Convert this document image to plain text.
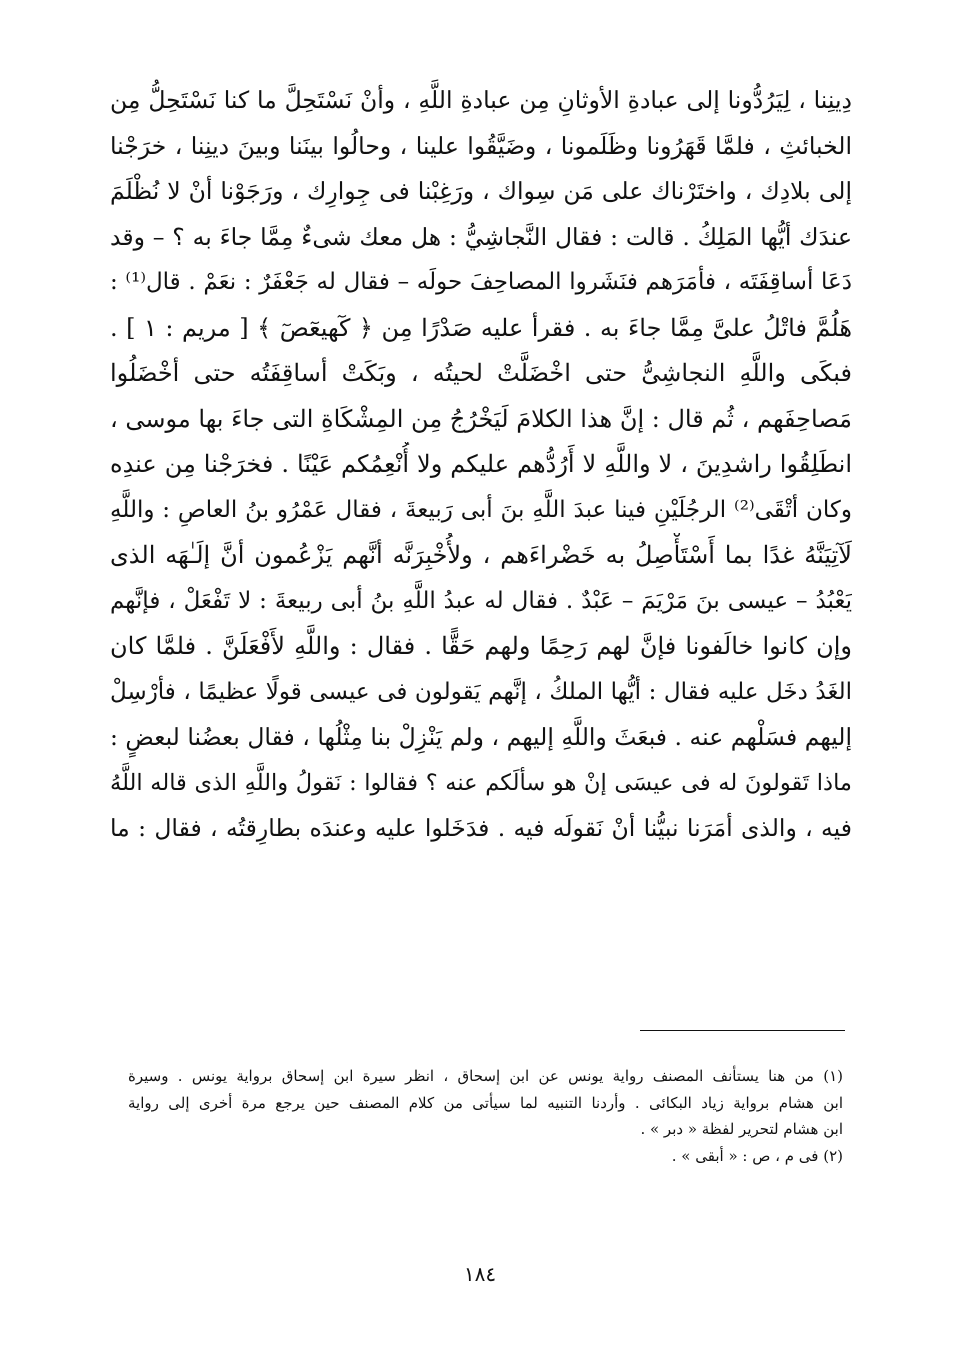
دِينِنا ، لِيَرُدُّونا إلى عبادةِ الأوثانِ مِن عبادةِ اللَّهِ ، وأنْ نَسْتَحِلَّ ما كنا نَسْتَحِلُّ مِن
الخبائثِ ، فلمَّا قَهَرُونا وظَلَمونا ، وضَيَّقُوا علينا ، وحالُوا بينَنا وبينَ دينِنا ، خرَجْنا
إلى بلادِك ، واختَرْناك على مَن سِواك ، ورَغِبْنا فى جِوارِك ، ورَجَوْنا أنْ لا نُظْلَمَ
عندَك أيُّها المَلِكُ . قالت : فقال النَّجاشِيُّ : هل معك شىءٌ مِمَّا جاءَ به ؟ – وقد
دَعَا أساقِفَتَه ، فأمَرَهم فنَشَروا المصاحِفَ حولَه – فقال له جَعْفَرٌ : نعَمْ . قال⁽¹⁾ :
هَلُمَّ فاتْلُ علىَّ مِمَّا جاءَ به . فقرأ عليه صَدْرًا مِن ﴿ كٓهيعٓصٓ ﴾ [ مريم : ١ ] .
فبكَى واللَّهِ النجاشِىُّ حتى اخْضَلَّتْ لحيتُه ، وبَكَتْ أساقِفَتُه حتى أخْضَلُوا
مَصاحِفَهم ، ثُم قال : إنَّ هذا الكلامَ لَيَخْرُجُ مِن المِشْكَاةِ التى جاءَ بها موسى ،
انطَلِقُوا راشدِينَ ، لا واللَّهِ لا أَرُدُّهم عليكم ولا أُنْعِمُكم عَيْنًا . فخرَجْنا مِن عندِه
وكان أتْقَى⁽²⁾ الرجُلَيْنِ فينا عبدَ اللَّهِ بنَ أبى رَبيعةَ ، فقال عَمْرُو بنُ العاصِ : واللَّهِ
لَآتِيَنَّهُ غدًا بما أَسْتَأْصِلُ به خَضْراءَهم ، ولأُخْبِرَنَّه أنَّهم يَزْعُمون أنَّ إلَـٰهَه الذى
يَعْبُدُ – عيسى بنَ مَرْيَمَ – عَبْدٌ . فقال له عبدُ اللَّهِ بنُ أبى ربيعةَ : لا تَفْعَلْ ، فإنَّهم
وإن كانوا خالَفونا فإنَّ لهم رَحِمًا ولهم حَقًّا . فقال : واللَّهِ لأَفْعَلَنَّ . فلمَّا كان
الغَدُ دخَل عليه فقال : أيُّها الملكُ ، إنَّهم يَقولون فى عيسى قولًا عظيمًا ، فأرْسِلْ
إليهم فسَلْهم عنه . فبعَثَ واللَّهِ إليهم ، ولم يَنْزِلْ بنا مِثْلُها ، فقال بعضُنا لبعضٍ :
ماذا تَقولونَ له فى عيسَى إنْ هو سألَكم عنه ؟ فقالوا : نَقولُ واللَّهِ الذى قاله اللَّهُ
فيه ، والذى أمَرَنا نبيُّنا أنْ نَقولَه فيه . فدَخَلوا عليه وعندَه بطارِقتُه ، فقال : ما
(١) من هنا يستأنف المصنف رواية يونس عن ابن إسحاق ، انظر سيرة ابن إسحاق برواية يونس . وسيرة
ابن هشام برواية زياد البكائى . وأردنا التنبيه لما سيأتى من كلام المصنف حين يرجع مرة أخرى إلى رواية
ابن هشام لتحرير لفظة « دبر » .
(٢) فى م ، ص : « أبقى » .
١٨٤
